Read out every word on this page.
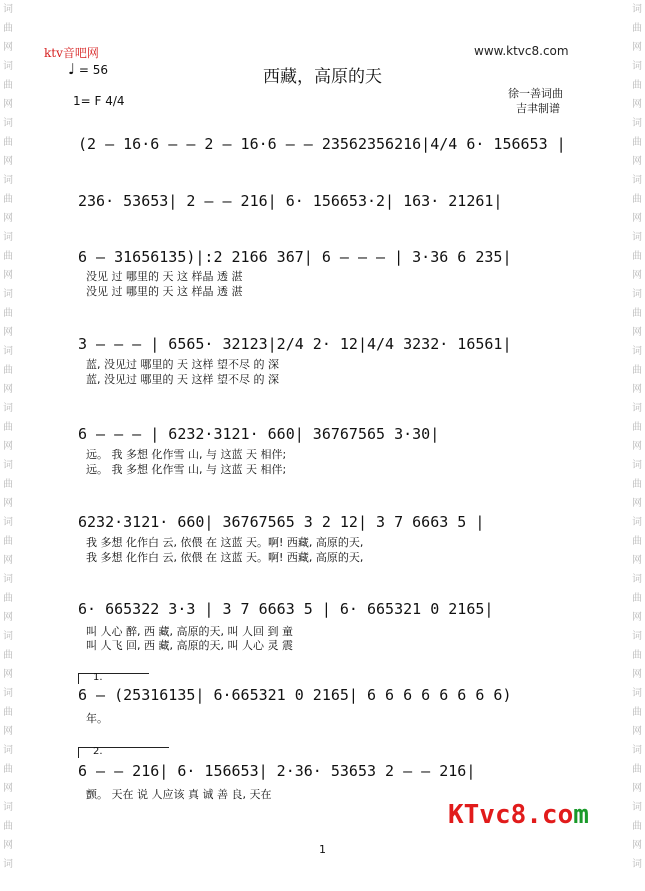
词
曲
网
词
曲
网
词
曲
网
词
曲
网
词
曲
网
词
曲
网
词
曲
网
词
曲
网
词
曲
网
词
曲
网
词
曲
网
词
曲
网
词
曲
网
词
曲
网
词
曲
网
词
词
曲
网
词
曲
网
词
曲
网
词
曲
网
词
曲
网
词
曲
网
词
曲
网
词
曲
网
词
曲
网
词
曲
网
词
曲
网
词
曲
网
词
曲
网
词
曲
网
词
曲
网
词
ktv音吧网	www.ktvc8.com
西藏，高原的天
♩ = 56
1= F 4/4
徐一善词曲
吉聿制谱
(2 – 16·6 – – 2 – 16·6 – – 23562356216|4/4 6· 156653 |
236· 53653| 2 – – 216| 6· 156653·2| 163· 21261|
6 – 31656135)|:2 2166 367| 6 – – – | 3·36 6 235|
没见 过 哪里的 天 这 样晶 透 湛
没见 过 哪里的 天 这 样晶 透 湛
3 – – – | 6565· 32123|2/4 2· 12|4/4 3232· 16561|
蓝, 没见过 哪里的 天 这样 望不尽 的 深
蓝, 没见过 哪里的 天 这样 望不尽 的 深
6 – – – | 6232·3121· 660| 36767565 3·30|
远。 我 多想 化作雪 山, 与 这蓝 天 相伴;
远。 我 多想 化作雪 山, 与 这蓝 天 相伴;
6232·3121· 660| 36767565 3 2 12| 3 7 6663 5 |
我 多想 化作白 云, 依偎 在 这蓝 天。啊! 西藏, 高原的天,
我 多想 化作白 云, 依偎 在 这蓝 天。啊! 西藏, 高原的天,
6· 665322 3·3 | 3 7 6663 5 | 6· 665321 0 2165|
叫 人心 醉, 西 藏, 高原的天, 叫 人回 到 童
叫 人飞 回, 西 藏, 高原的天, 叫 人心 灵 震
1.
6 – (25316135| 6·665321 0 2165| 6 6 6 6 6 6 6 6)
年。
2.
6 – – 216| 6· 156653| 2·36· 53653 2 – – 216|
颤。 天在 说 人应该 真 诚 善 良, 天在
KTvc8.com
1
